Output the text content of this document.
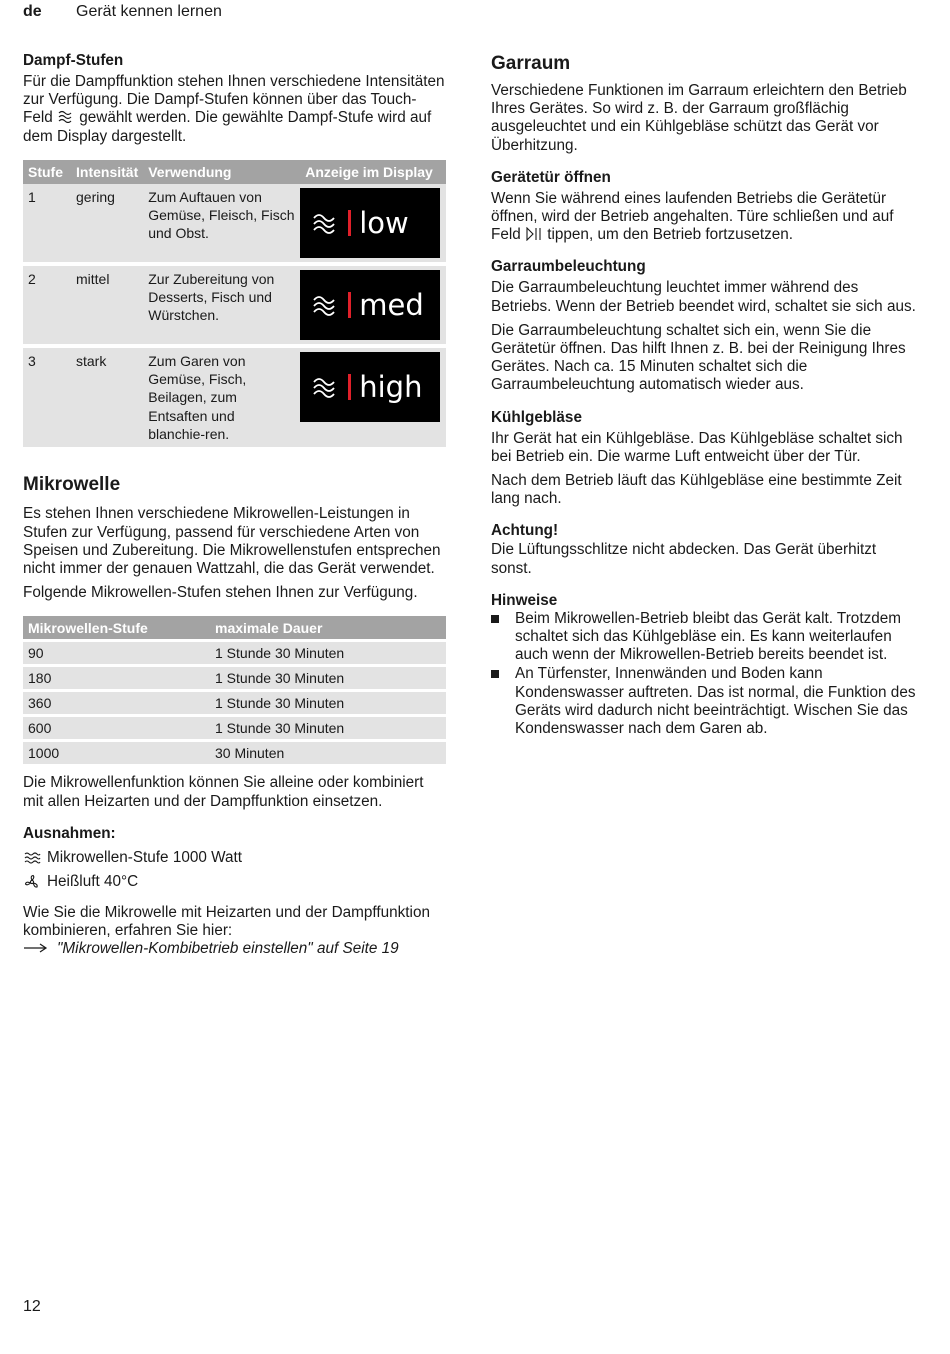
de	Gerät kennen lernen
Dampf-Stufen

Für die Dampffunktion stehen Ihnen verschiedene Intensitäten zur Verfügung. Die Dampf-Stufen können über das Touch-Feld gewählt werden. Die gewählte Dampf-Stufe wird auf dem Display dargestellt.

Stufe	Intensität	Verwendung	Anzeige im Display
1	gering	Zum Auftauen von Gemüse, Fleisch, Fisch und Obst.	low

2	mittel	Zur Zubereitung von Desserts, Fisch und Würstchen.	med

3	stark	Zum Garen von Gemüse, Fisch, Beilagen, zum Entsaften und blanchie-ren.	high
Mikrowelle

Es stehen Ihnen verschiedene Mikrowellen-Leistungen in Stufen zur Verfügung, passend für verschiedene Arten von Speisen und Zubereitung. Die Mikrowellenstufen entsprechen nicht immer der genauen Wattzahl, die das Gerät verwendet.

Folgende Mikrowellen-Stufen stehen Ihnen zur Verfügung.

Mikrowellen-Stufe	maximale Dauer
90	1 Stunde 30 Minuten
180	1 Stunde 30 Minuten
360	1 Stunde 30 Minuten
600	1 Stunde 30 Minuten
1000	30 Minuten

Die Mikrowellenfunktion können Sie alleine oder kombiniert mit allen Heizarten und der Dampffunktion einsetzen.

Ausnahmen:
Mikrowellen-Stufe 1000 Watt
Heißluft 40°C

Wie Sie die Mikrowelle mit Heizarten und der Dampffunktion kombinieren, erfahren Sie hier:

"Mikrowellen-Kombibetrieb einstellen" auf Seite 19
Garraum

Verschiedene Funktionen im Garraum erleichtern den Betrieb Ihres Gerätes. So wird z. B. der Garraum großflächig ausgeleuchtet und ein Kühlgebläse schützt das Gerät vor Überhitzung.

Gerätetür öffnen

Wenn Sie während eines laufenden Betriebs die Gerätetür öffnen, wird der Betrieb angehalten. Türe schließen und auf Feld tippen, um den Betrieb fortzusetzen.

Garraumbeleuchtung

Die Garraumbeleuchtung leuchtet immer während des Betriebs. Wenn der Betrieb beendet wird, schaltet sie sich aus.

Die Garraumbeleuchtung schaltet sich ein, wenn Sie die Gerätetür öffnen. Das hilft Ihnen z. B. bei der Reinigung Ihres Gerätes. Nach ca. 15 Minuten schaltet sich die Garraumbeleuchtung automatisch wieder aus.

Kühlgebläse

Ihr Gerät hat ein Kühlgebläse. Das Kühlgebläse schaltet sich bei Betrieb ein. Die warme Luft entweicht über der Tür.

Nach dem Betrieb läuft das Kühlgebläse eine bestimmte Zeit lang nach.

Achtung!

Die Lüftungsschlitze nicht abdecken. Das Gerät überhitzt sonst.

Hinweise
Beim Mikrowellen-Betrieb bleibt das Gerät kalt. Trotzdem schaltet sich das Kühlgebläse ein. Es kann weiterlaufen auch wenn der Mikrowellen-Betrieb bereits beendet ist.
An Türfenster, Innenwänden und Boden kann Kondenswasser auftreten. Das ist normal, die Funktion des Geräts wird dadurch nicht beeinträchtigt. Wischen Sie das Kondenswasser nach dem Garen ab.
12
